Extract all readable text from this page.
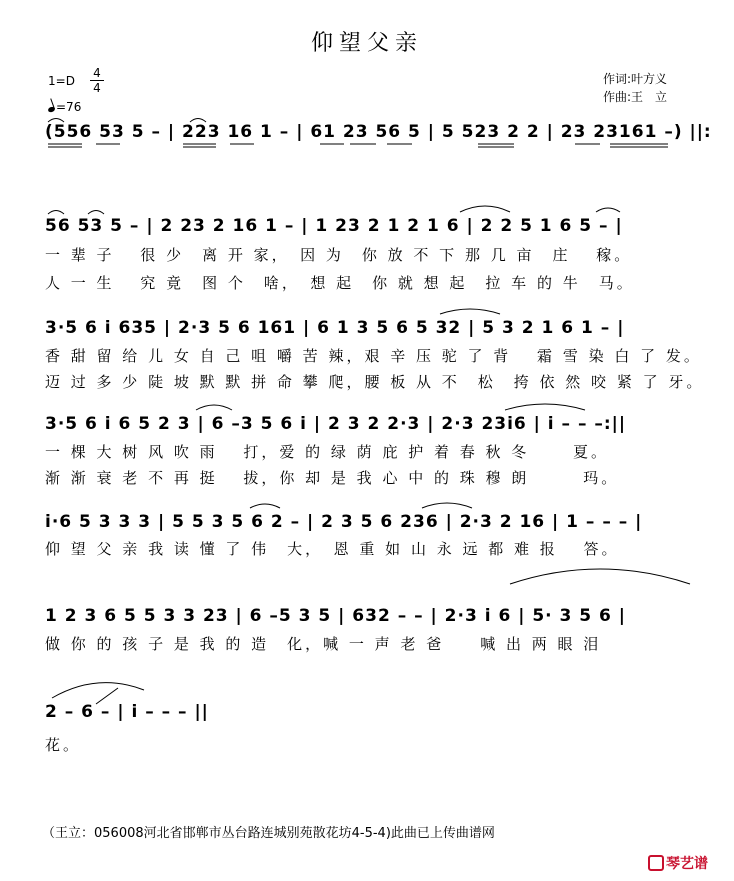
仰望父亲
1=D
4
4
=76
作词:叶方义
作曲:王　立
(556 53 5 – | 223 16 1 – | 61 23 56 5 | 5 523 2 2 | 23 23161 –) ||:
56 53 5 – | 2 23 2 16 1 – | 1 23 2 1 2 1 6 | 2 2 5 1 6 5 – |
一 辈 子　 很 少　离 开 家，　因 为　你 放 不 下 那 几 亩　庄　 稼。
人 一 生　 究 竟　图 个　啥，　想 起　你 就 想 起　拉 车 的 牛　马。
3·5 6 i 635 | 2·3 5 6 161 | 6 1 3 5 6 5 32 | 5 3 2 1 6 1 – |
香 甜 留 给 儿 女 自 己 咀 嚼 苦 辣，艰 辛 压 驼 了 背　 霜 雪 染 白 了 发。
迈 过 多 少 陡 坡 默 默 拼 命 攀 爬，腰 板 从 不　松　挎 依 然 咬 紧 了 牙。
3·5 6 i 6 5 2 3 | 6 –3 5 6 i | 2 3 2 2·3 | 2·3 23i6 | i – – –:||
一 棵 大 树 风 吹 雨　 打，爱 的 绿 荫 庇 护 着 春 秋 冬　　 夏。
渐 渐 衰 老 不 再 挺　 拔，你 却 是 我 心 中 的 珠 穆 朗　　　玛。
i·6 5 3 3 3 | 5 5 3 5 6 2 – | 2 3 5 6 236 | 2·3 2 16 | 1 – – – |
仰 望 父 亲 我 读 懂 了 伟　大，　恩 重 如 山 永 远 都 难 报　 答。
1 2 3 6 5 5 3 3 23 | 6 –5 3 5 | 632 – – | 2·3 i 6 | 5· 3 5 6 |
做 你 的 孩 子 是 我 的 造　化，喊 一 声 老 爸　　喊 出 两 眼 泪
2 – 6 – | i – – – ||
花。
（王立：056008河北省邯郸市丛台路连城别苑散花坊4-5-4)此曲已上传曲谱网
琴艺谱
